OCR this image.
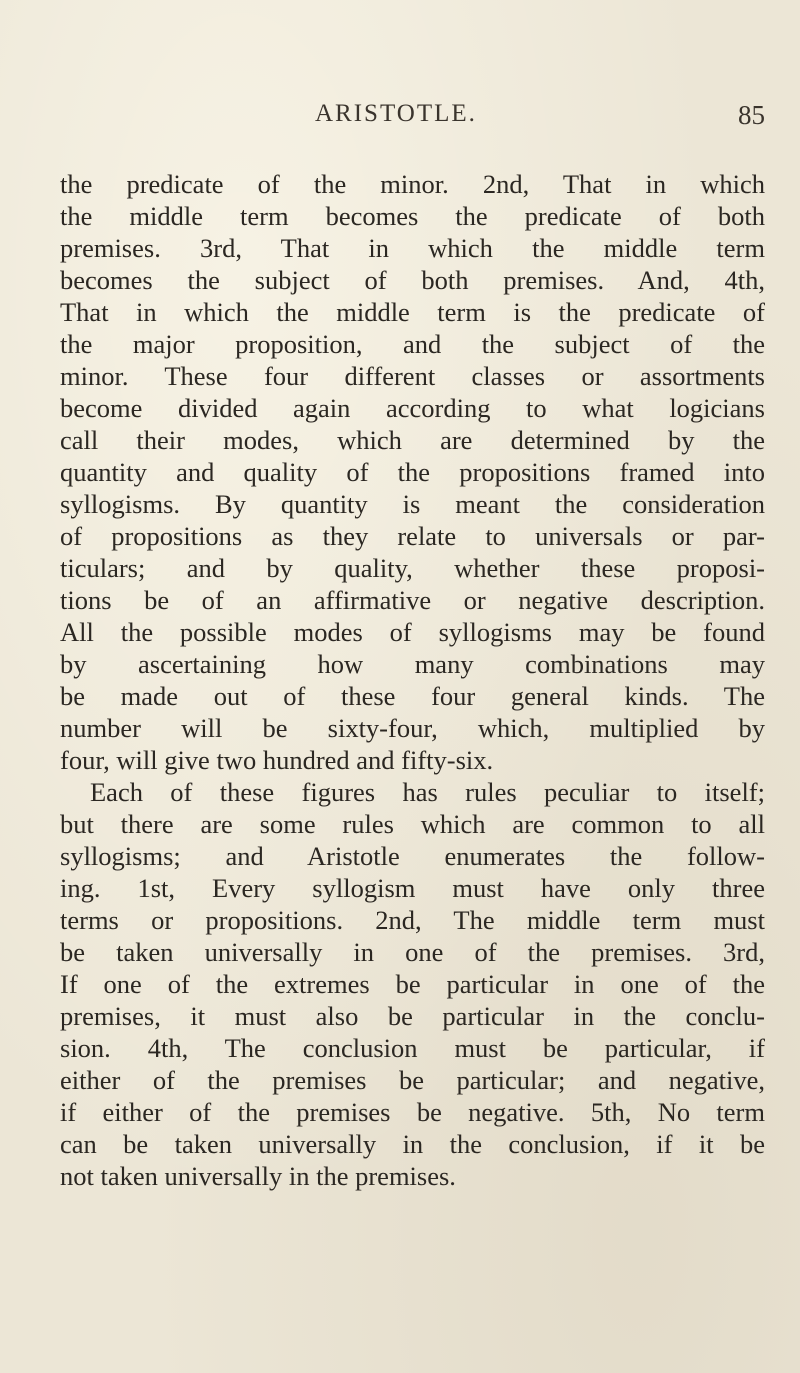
ARISTOTLE.	85
the predicate of the minor. 2nd, That in which
the middle term becomes the predicate of both
premises. 3rd, That in which the middle term
becomes the subject of both premises. And, 4th,
That in which the middle term is the predicate of
the major proposition, and the subject of the
minor. These four different classes or assortments
become divided again according to what logicians
call their modes, which are determined by the
quantity and quality of the propositions framed into
syllogisms. By quantity is meant the consideration
of propositions as they relate to universals or par-
ticulars; and by quality, whether these proposi-
tions be of an affirmative or negative description.
All the possible modes of syllogisms may be found
by ascertaining how many combinations may
be made out of these four general kinds. The
number will be sixty-four, which, multiplied by
four, will give two hundred and fifty-six.
Each of these figures has rules peculiar to itself;
but there are some rules which are common to all
syllogisms; and Aristotle enumerates the follow-
ing. 1st, Every syllogism must have only three
terms or propositions. 2nd, The middle term must
be taken universally in one of the premises. 3rd,
If one of the extremes be particular in one of the
premises, it must also be particular in the conclu-
sion. 4th, The conclusion must be particular, if
either of the premises be particular; and negative,
if either of the premises be negative. 5th, No term
can be taken universally in the conclusion, if it be
not taken universally in the premises.
